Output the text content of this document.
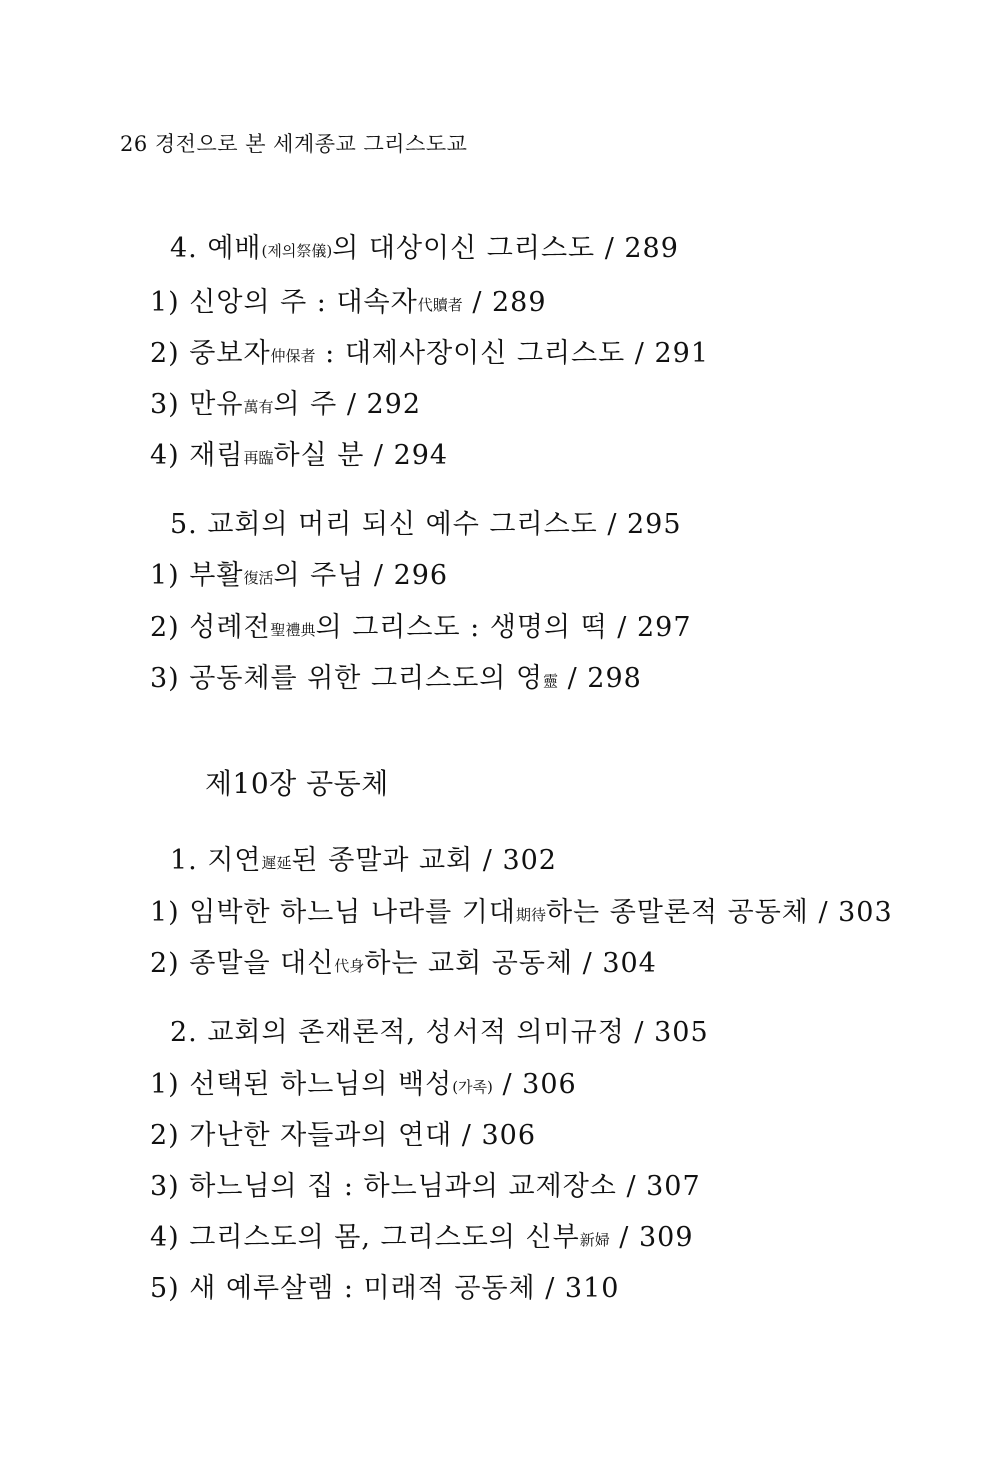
26 경전으로 본 세계종교 그리스도교
4. 예배(제의祭儀)의 대상이신 그리스도 / 289
1) 신앙의 주 : 대속자代贖者 / 289
2) 중보자仲保者 : 대제사장이신 그리스도 / 291
3) 만유萬有의 주 / 292
4) 재림再臨하실 분 / 294
5. 교회의 머리 되신 예수 그리스도 / 295
1) 부활復活의 주님 / 296
2) 성례전聖禮典의 그리스도 : 생명의 떡 / 297
3) 공동체를 위한 그리스도의 영靈 / 298
제10장 공동체
1. 지연遲延된 종말과 교회 / 302
1) 임박한 하느님 나라를 기대期待하는 종말론적 공동체 / 303
2) 종말을 대신代身하는 교회 공동체 / 304
2. 교회의 존재론적, 성서적 의미규정 / 305
1) 선택된 하느님의 백성(가족) / 306
2) 가난한 자들과의 연대 / 306
3) 하느님의 집 : 하느님과의 교제장소 / 307
4) 그리스도의 몸, 그리스도의 신부新婦 / 309
5) 새 예루살렘 : 미래적 공동체 / 310
